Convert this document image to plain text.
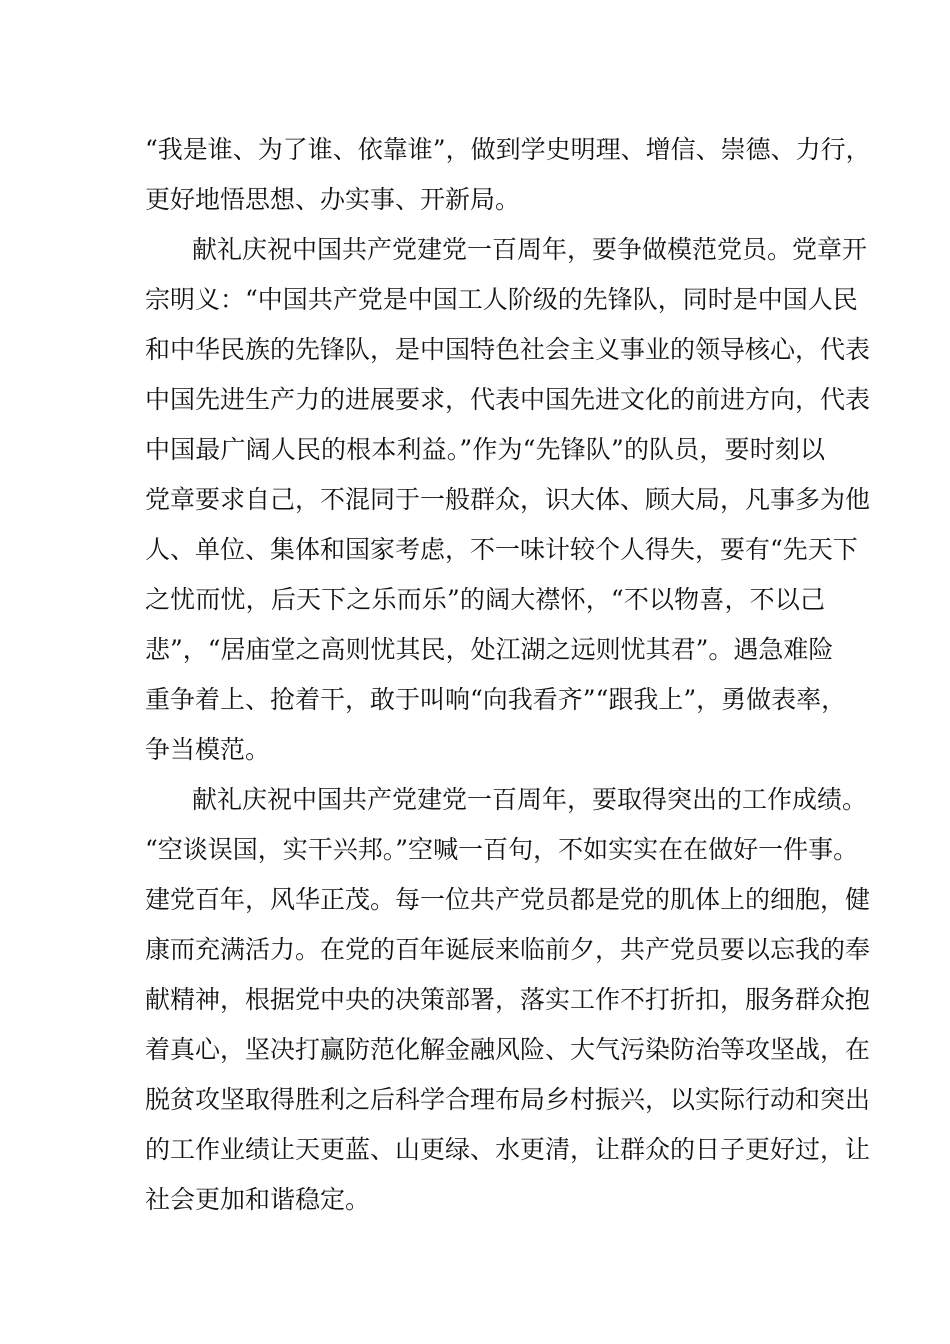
“我是谁、为了谁、依靠谁”，做到学史明理、增信、崇德、力行，
更好地悟思想、办实事、开新局。
献礼庆祝中国共产党建党一百周年，要争做模范党员。党章开
宗明义：“中国共产党是中国工人阶级的先锋队，同时是中国人民
和中华民族的先锋队，是中国特色社会主义事业的领导核心，代表
中国先进生产力的进展要求，代表中国先进文化的前进方向，代表
中国最广阔人民的根本利益。”作为“先锋队”的队员，要时刻以
党章要求自己，不混同于一般群众，识大体、顾大局，凡事多为他
人、单位、集体和国家考虑，不一味计较个人得失，要有“先天下
之忧而忧，后天下之乐而乐”的阔大襟怀，“不以物喜，不以己
悲”，“居庙堂之高则忧其民，处江湖之远则忧其君”。遇急难险
重争着上、抢着干，敢于叫响“向我看齐”“跟我上”，勇做表率，
争当模范。
献礼庆祝中国共产党建党一百周年，要取得突出的工作成绩。
“空谈误国，实干兴邦。”空喊一百句，不如实实在在做好一件事。
建党百年，风华正茂。每一位共产党员都是党的肌体上的细胞，健
康而充满活力。在党的百年诞辰来临前夕，共产党员要以忘我的奉
献精神，根据党中央的决策部署，落实工作不打折扣，服务群众抱
着真心，坚决打赢防范化解金融风险、大气污染防治等攻坚战，在
脱贫攻坚取得胜利之后科学合理布局乡村振兴，以实际行动和突出
的工作业绩让天更蓝、山更绿、水更清，让群众的日子更好过，让
社会更加和谐稳定。
